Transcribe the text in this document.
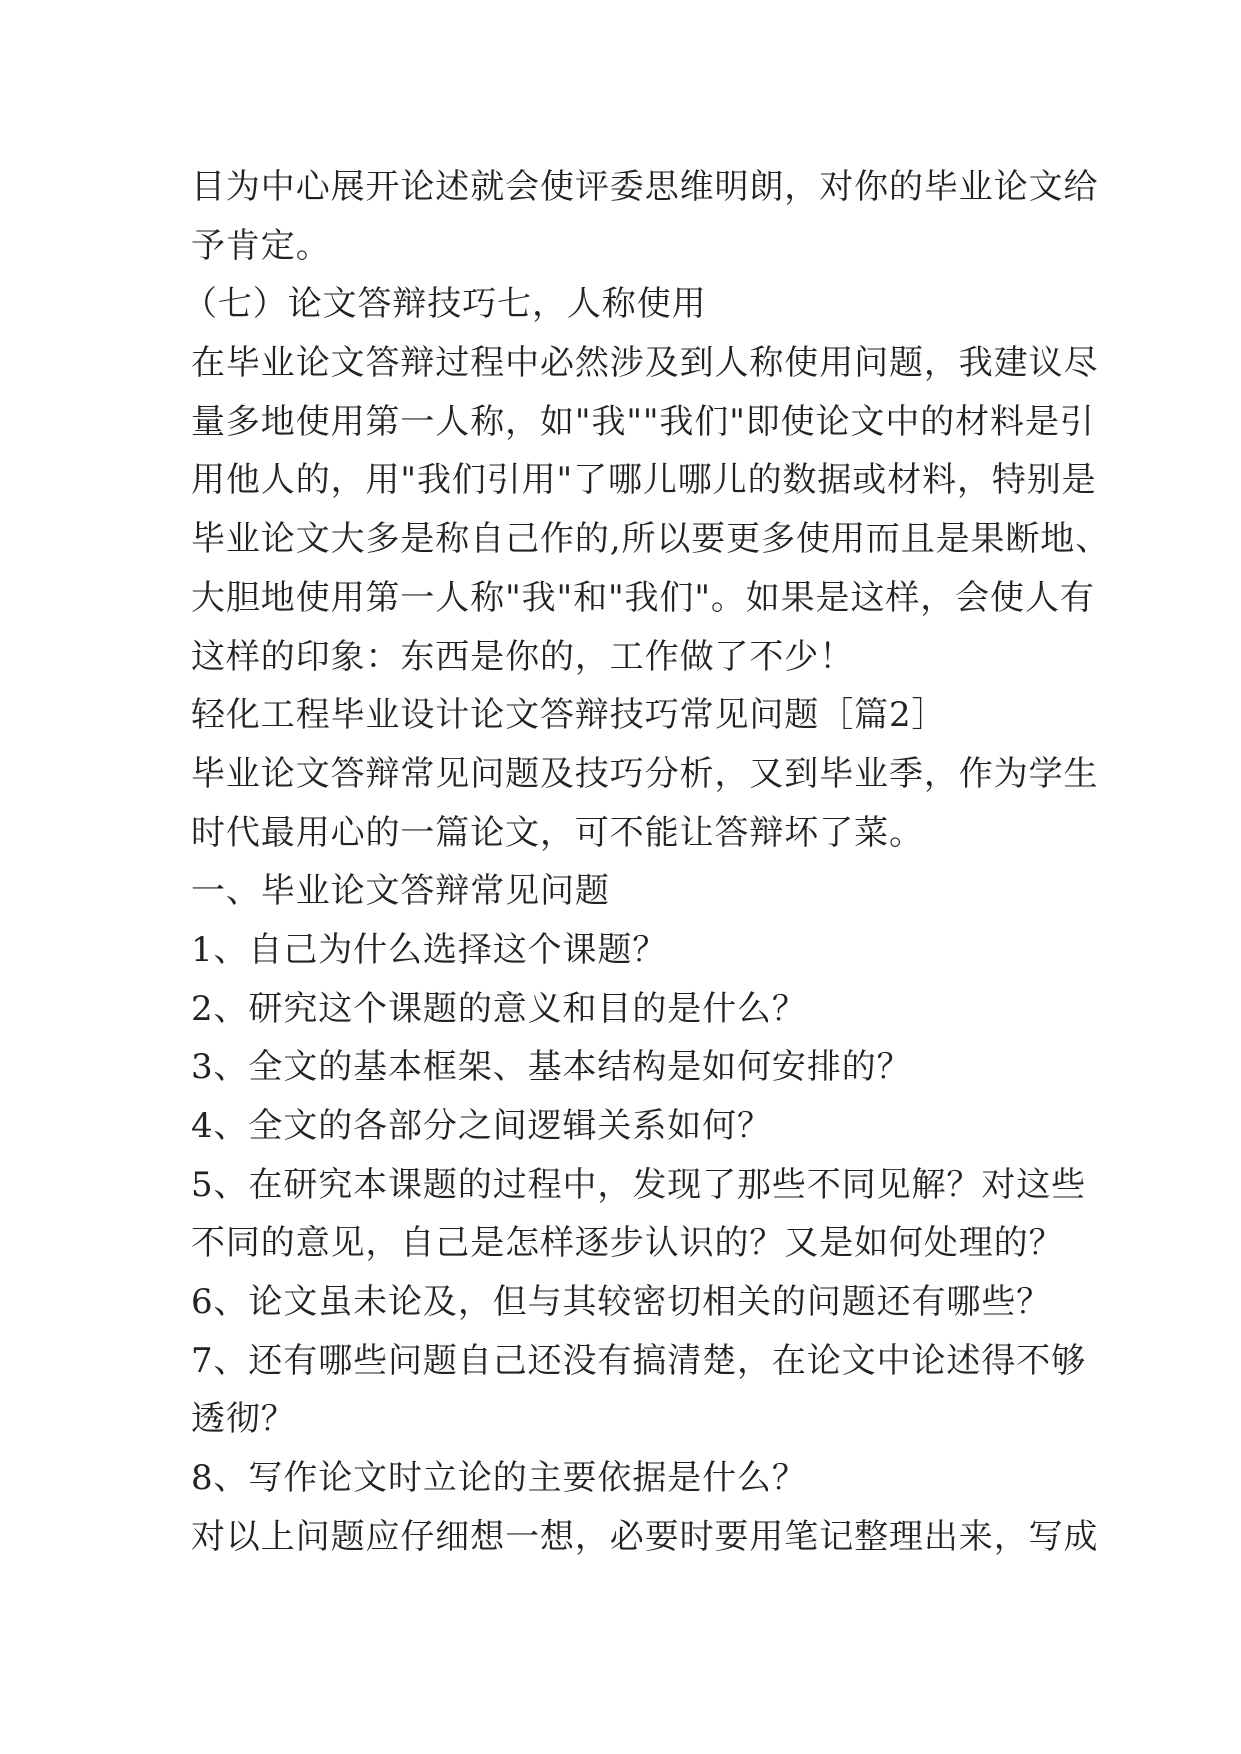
目为中心展开论述就会使评委思维明朗，对你的毕业论文给
予肯定。
（七）论文答辩技巧七，人称使用
在毕业论文答辩过程中必然涉及到人称使用问题，我建议尽
量多地使用第一人称，如"我""我们"即使论文中的材料是引
用他人的，用"我们引用"了哪儿哪儿的数据或材料，特别是
毕业论文大多是称自己作的,所以要更多使用而且是果断地、
大胆地使用第一人称"我"和"我们"。如果是这样，会使人有
这样的印象：东西是你的，工作做了不少！
轻化工程毕业设计论文答辩技巧常见问题［篇2］
毕业论文答辩常见问题及技巧分析，又到毕业季，作为学生
时代最用心的一篇论文，可不能让答辩坏了菜。
一、毕业论文答辩常见问题
1、自己为什么选择这个课题？
2、研究这个课题的意义和目的是什么？
3、全文的基本框架、基本结构是如何安排的？
4、全文的各部分之间逻辑关系如何？
5、在研究本课题的过程中，发现了那些不同见解？对这些
不同的意见，自己是怎样逐步认识的？又是如何处理的？
6、论文虽未论及，但与其较密切相关的问题还有哪些？
7、还有哪些问题自己还没有搞清楚，在论文中论述得不够
透彻？
8、写作论文时立论的主要依据是什么？
对以上问题应仔细想一想，必要时要用笔记整理出来，写成
